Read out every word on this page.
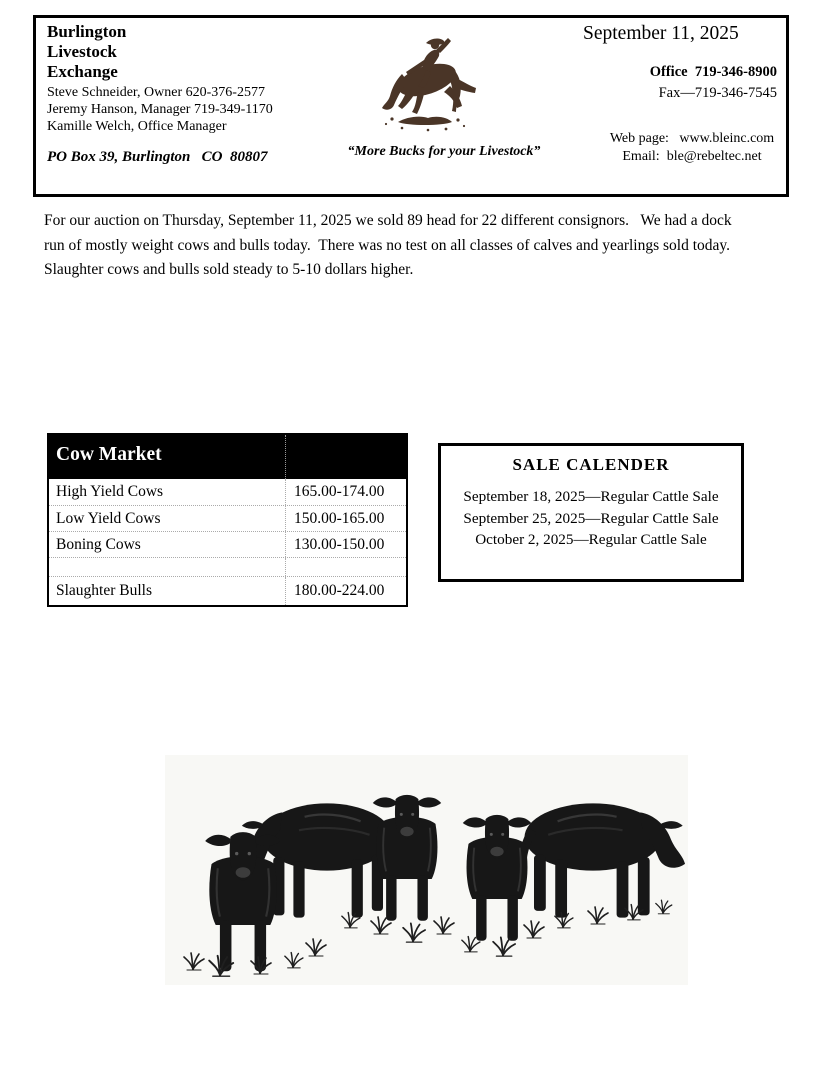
Burlington
Livestock
Exchange
Steve Schneider, Owner 620-376-2577
Jeremy Hanson, Manager 719-349-1170
Kamille Welch, Office Manager
PO Box 39, Burlington   CO  80807	“More Bucks for your Livestock”
September 11, 2025
Office  719-346-8900
Fax—719-346-7545
Web page:   www.bleinc.com
Email:  ble@rebeltec.net
For our auction on Thursday, September 11, 2025 we sold 89 head for 22 different consignors.   We had a dock
run of mostly weight cows and bulls today.  There was no test on all classes of calves and yearlings sold today.
Slaughter cows and bulls sold steady to 5-10 dollars higher.
Cow Market
High Yield Cows	165.00-174.00
Low Yield Cows	150.00-165.00
Boning Cows	130.00-150.00
Slaughter Bulls	180.00-224.00
SALE CALENDER
September 18, 2025—Regular Cattle Sale
September 25, 2025—Regular Cattle Sale
October 2, 2025—Regular Cattle Sale
